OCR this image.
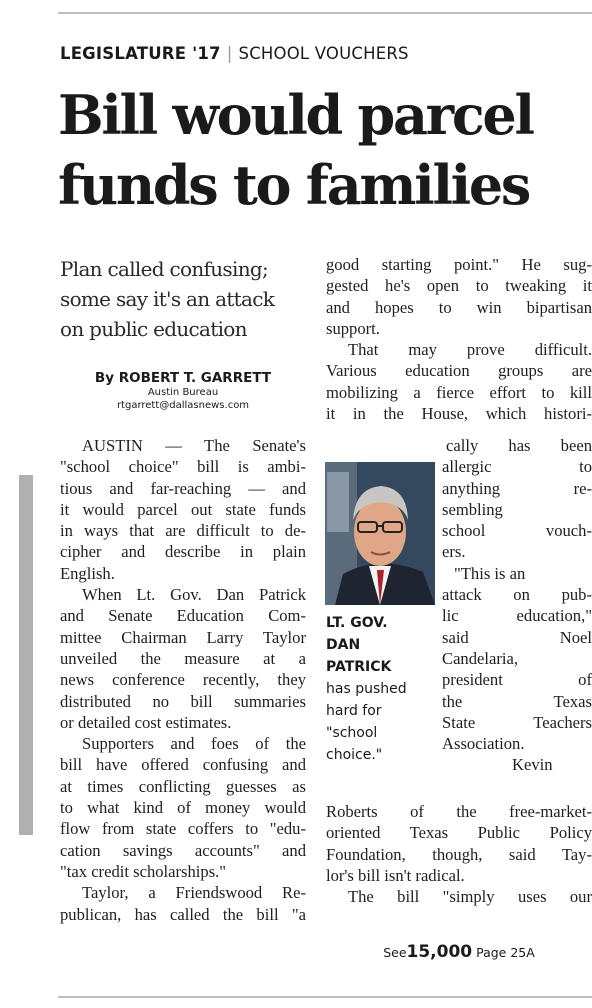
LEGISLATURE '17 | SCHOOL VOUCHERS
Bill would parcel
funds to families
Plan called confusing;
some say it's an attack
on public education
By ROBERT T. GARRETT
Austin Bureau
rtgarrett@dallasnews.com
AUSTIN — The Senate's
"school choice" bill is ambi-
tious and far-reaching — and
it would parcel out state funds
in ways that are difficult to de-
cipher and describe in plain
English.
When Lt. Gov. Dan Patrick
and Senate Education Com-
mittee Chairman Larry Taylor
unveiled the measure at a
news conference recently, they
distributed no bill summaries
or detailed cost estimates.
Supporters and foes of the
bill have offered confusing and
at times conflicting guesses as
to what kind of money would
flow from state coffers to "edu-
cation savings accounts" and
"tax credit scholarships."
Taylor, a Friendswood Re-
publican, has called the bill "a
good starting point." He sug-
gested he's open to tweaking it
and hopes to win bipartisan
support.
That may prove difficult.
Various education groups are
mobilizing a fierce effort to kill
it in the House, which histori-
LT. GOV.
DAN
PATRICK
has pushed
hard for
"school
choice."
cally has been
allergic to
anything re-
sembling
school vouch-
ers.
"This is an
attack on pub-
lic education,"
said Noel
Candelaria,
president of
the Texas
State Teachers
Association.
Kevin
Roberts of the free-market-
oriented Texas Public Policy
Foundation, though, said Tay-
lor's bill isn't radical.
The bill "simply uses our
See15,000 Page 25A
